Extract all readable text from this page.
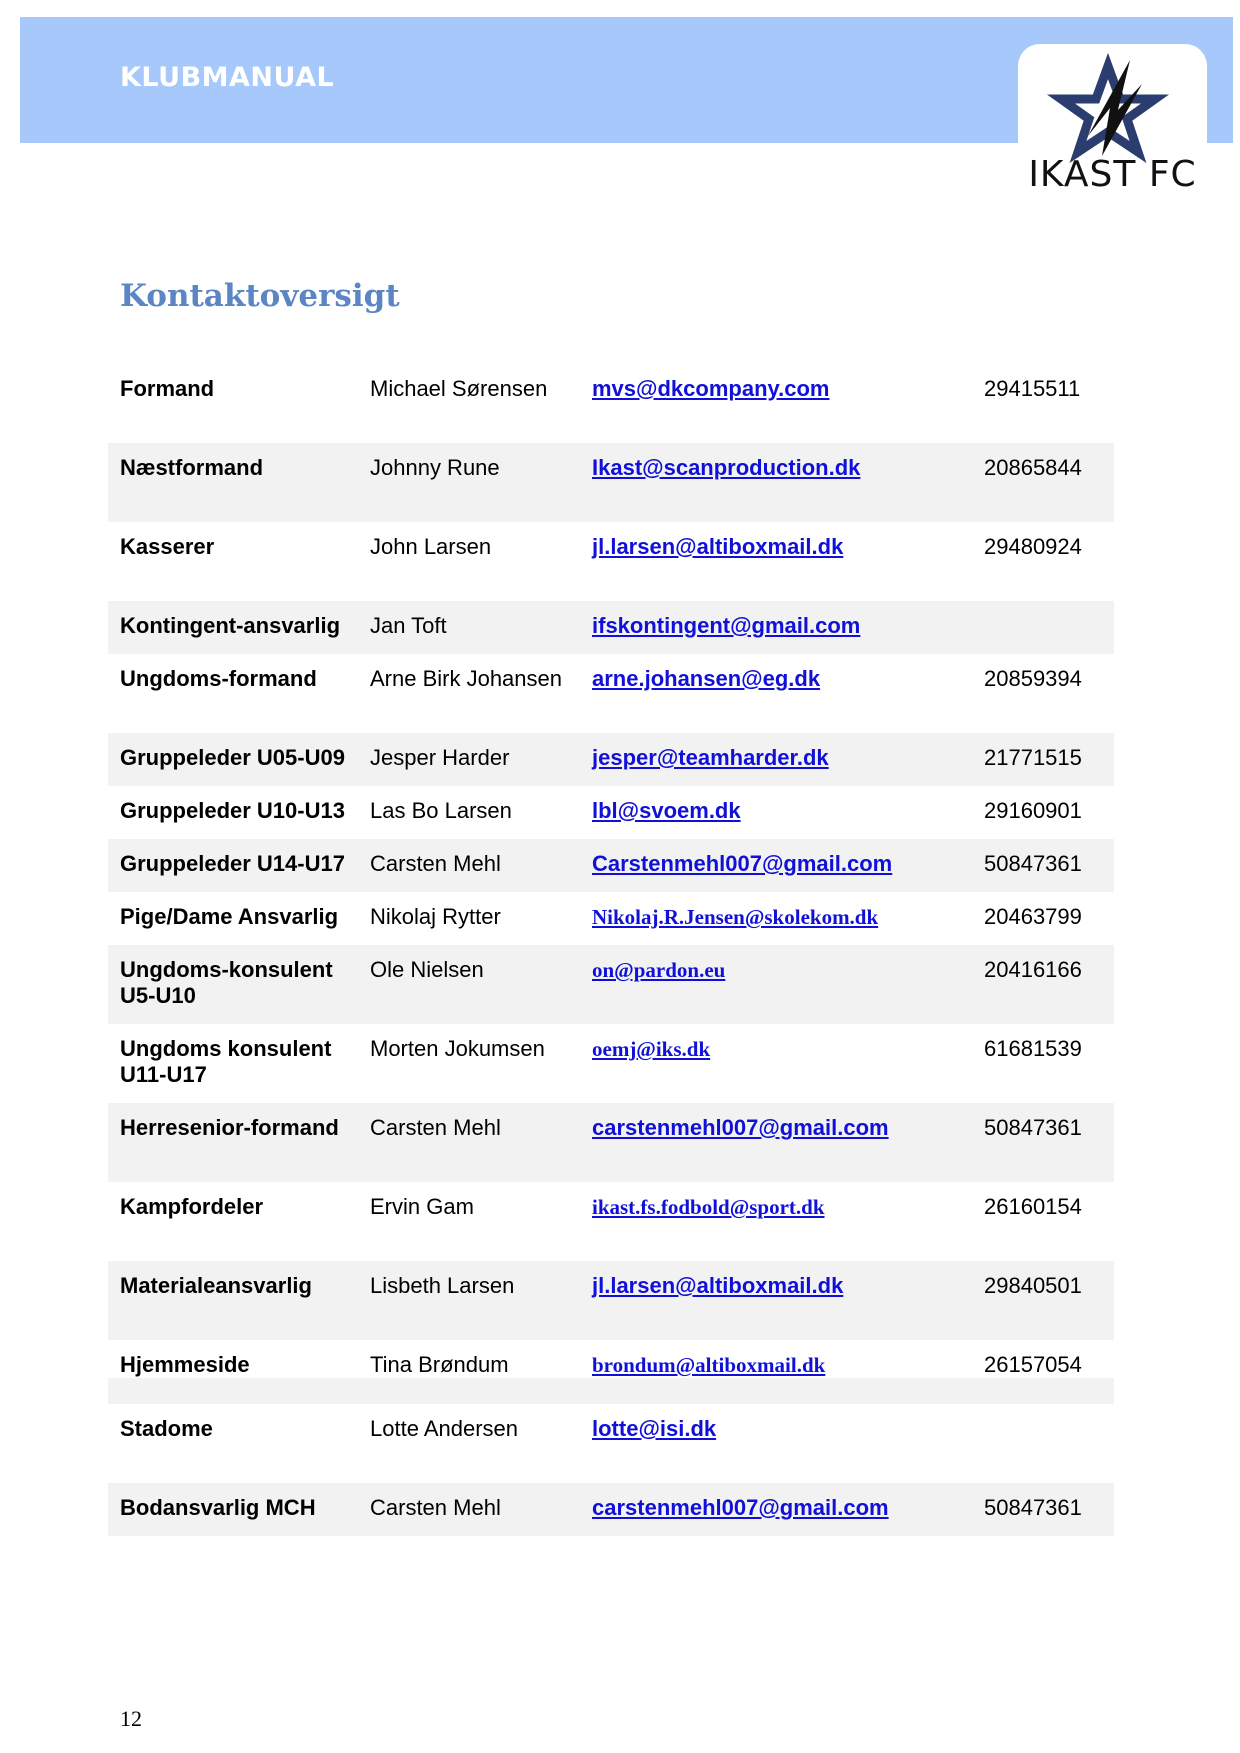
KLUBMANUAL
IKAST FC
Kontaktoversigt
Formand	Michael Sørensen	mvs@dkcompany.com	29415511
Næstformand	Johnny Rune	Ikast@scanproduction.dk	20865844
Kasserer	John Larsen	jl.larsen@altiboxmail.dk	29480924
Kontingent-ansvarlig	Jan Toft	ifskontingent@gmail.com	
Ungdoms-formand	Arne Birk Johansen	arne.johansen@eg.dk	20859394
Gruppeleder U05-U09	Jesper Harder	jesper@teamharder.dk	21771515
Gruppeleder U10-U13	Las Bo Larsen	lbl@svoem.dk	29160901
Gruppeleder U14-U17	Carsten Mehl	Carstenmehl007@gmail.com	50847361
Pige/Dame Ansvarlig	Nikolaj Rytter	Nikolaj.R.Jensen@skolekom.dk	20463799
Ungdoms-konsulent U5-U10	Ole Nielsen	on@pardon.eu	20416166
Ungdoms konsulent U11-U17	Morten Jokumsen	oemj@iks.dk	61681539
Herresenior-formand	Carsten Mehl	carstenmehl007@gmail.com	50847361
Kampfordeler	Ervin Gam	ikast.fs.fodbold@sport.dk	26160154
Materialeansvarlig	Lisbeth Larsen	jl.larsen@altiboxmail.dk	29840501
Hjemmeside	Tina Brøndum	brondum@altiboxmail.dk	26157054

Stadome	Lotte Andersen	lotte@isi.dk	
Bodansvarlig MCH	Carsten Mehl	carstenmehl007@gmail.com	50847361
12
